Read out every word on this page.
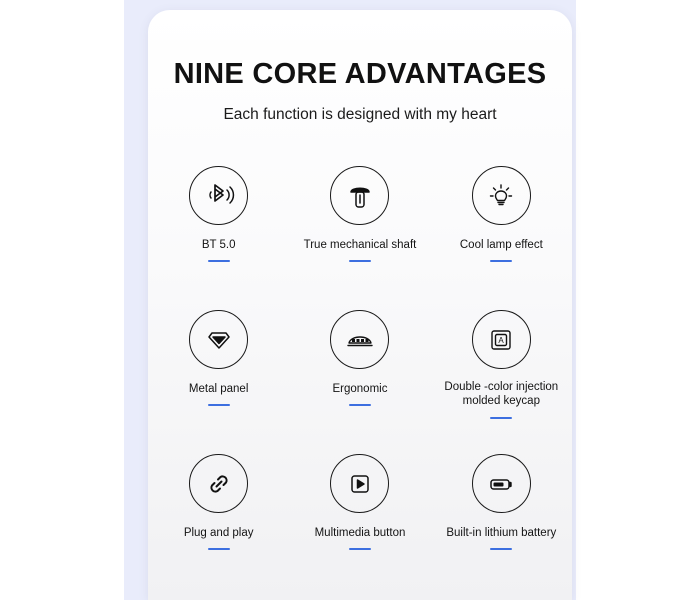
NINE CORE ADVANTAGES
Each function is designed with my heart
BT 5.0	True mechanical shaft	Cool lamp effect
Metal panel	Ergonomic
A
Double -color injection molded keycap
Plug and play	Multimedia button	Built-in lithium battery
